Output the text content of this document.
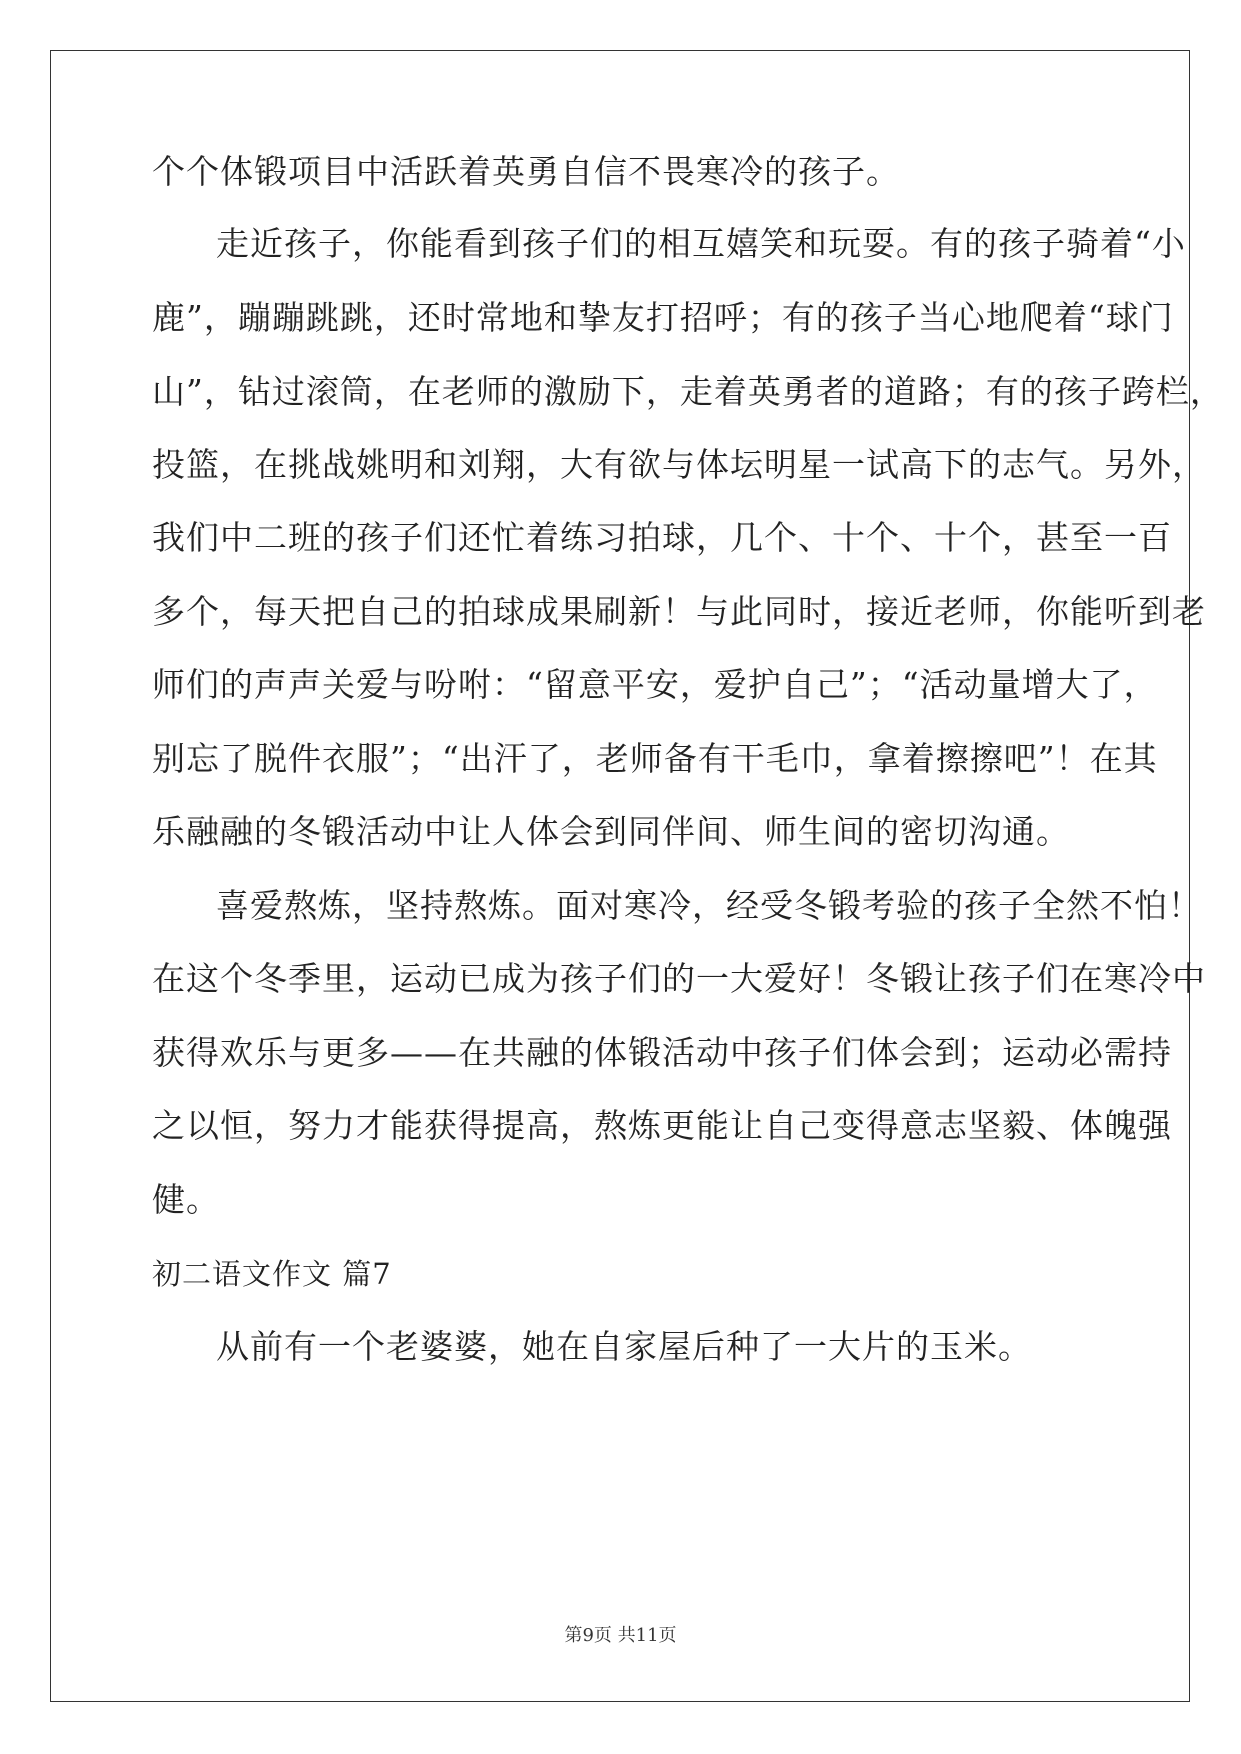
个个体锻项目中活跃着英勇自信不畏寒冷的孩子。
走近孩子，你能看到孩子们的相互嬉笑和玩耍。有的孩子骑着“小
鹿”，蹦蹦跳跳，还时常地和挚友打招呼；有的孩子当心地爬着“球门
山”，钻过滚筒，在老师的激励下，走着英勇者的道路；有的孩子跨栏，
投篮，在挑战姚明和刘翔，大有欲与体坛明星一试高下的志气。另外，
我们中二班的孩子们还忙着练习拍球，几个、十个、十个，甚至一百
多个，每天把自己的拍球成果刷新！与此同时，接近老师，你能听到老
师们的声声关爱与吩咐：“留意平安，爱护自己”；“活动量增大了，
别忘了脱件衣服”；“出汗了，老师备有干毛巾，拿着擦擦吧”！在其
乐融融的冬锻活动中让人体会到同伴间、师生间的密切沟通。
喜爱熬炼，坚持熬炼。面对寒冷，经受冬锻考验的孩子全然不怕！
在这个冬季里，运动已成为孩子们的一大爱好！冬锻让孩子们在寒冷中
获得欢乐与更多——在共融的体锻活动中孩子们体会到；运动必需持
之以恒，努力才能获得提高，熬炼更能让自己变得意志坚毅、体魄强
健。
初二语文作文 篇7
从前有一个老婆婆，她在自家屋后种了一大片的玉米。
第9页 共11页
